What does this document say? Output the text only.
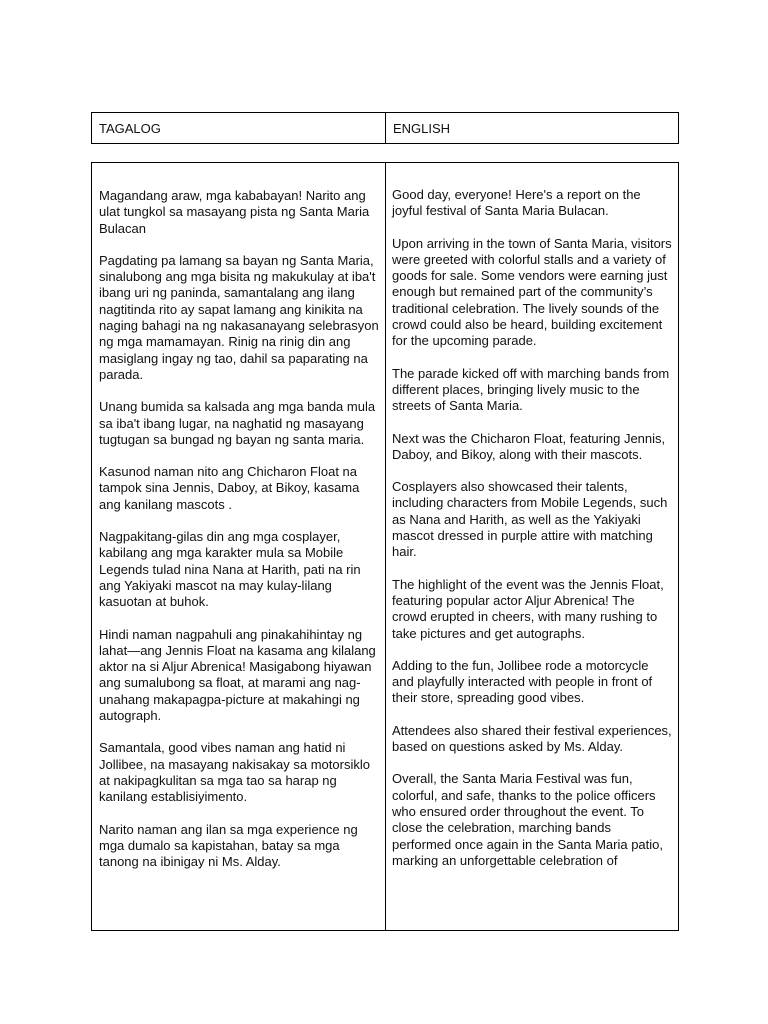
TAGALOG	ENGLISH

Magandang araw, mga kababayan! Narito ang ulat tungkol sa masayang pista ng Santa Maria Bulacan

Pagdating pa lamang sa bayan ng Santa Maria, sinalubong ang mga bisita ng makukulay at iba't ibang uri ng paninda, samantalang ang ilang nagtitinda rito ay sapat lamang ang kinikita na naging bahagi na ng nakasanayang selebrasyon ng mga mamamayan. Rinig na rinig din ang masiglang ingay ng tao, dahil sa paparating na parada.

Unang bumida sa kalsada ang mga banda mula sa iba't ibang lugar, na naghatid ng masayang tugtugan sa bungad ng bayan ng santa maria.

Kasunod naman nito ang Chicharon Float na tampok sina Jennis, Daboy, at Bikoy, kasama ang kanilang mascots .

Nagpakitang-gilas din ang mga cosplayer, kabilang ang mga karakter mula sa Mobile Legends tulad nina Nana at Harith, pati na rin ang Yakiyaki mascot na may kulay-lilang kasuotan at buhok.

Hindi naman nagpahuli ang pinakahihintay ng lahat—ang Jennis Float na kasama ang kilalang aktor na si Aljur Abrenica! Masigabong hiyawan ang sumalubong sa float, at marami ang nag-unahang makapagpa-picture at makahingi ng autograph.

Samantala, good vibes naman ang hatid ni Jollibee, na masayang nakisakay sa motorsiklo at nakipagkulitan sa mga tao sa harap ng kanilang establisiyimento.

Narito naman ang ilan sa mga experience ng mga dumalo sa kapistahan, batay sa mga tanong na ibinigay ni Ms. Alday.

Good day, everyone! Here's a report on the joyful festival of Santa Maria Bulacan.

Upon arriving in the town of Santa Maria, visitors were greeted with colorful stalls and a variety of goods for sale. Some vendors were earning just enough but remained part of the community’s traditional celebration. The lively sounds of the crowd could also be heard, building excitement for the upcoming parade.

The parade kicked off with marching bands from different places, bringing lively music to the streets of Santa Maria.

Next was the Chicharon Float, featuring Jennis, Daboy, and Bikoy, along with their mascots.

Cosplayers also showcased their talents, including characters from Mobile Legends, such as Nana and Harith, as well as the Yakiyaki mascot dressed in purple attire with matching hair.

The highlight of the event was the Jennis Float, featuring popular actor Aljur Abrenica! The crowd erupted in cheers, with many rushing to take pictures and get autographs.

Adding to the fun, Jollibee rode a motorcycle and playfully interacted with people in front of their store, spreading good vibes.

Attendees also shared their festival experiences, based on questions asked by Ms. Alday.

Overall, the Santa Maria Festival was fun, colorful, and safe, thanks to the police officers who ensured order throughout the event. To close the celebration, marching bands performed once again in the Santa Maria patio, marking an unforgettable celebration of
